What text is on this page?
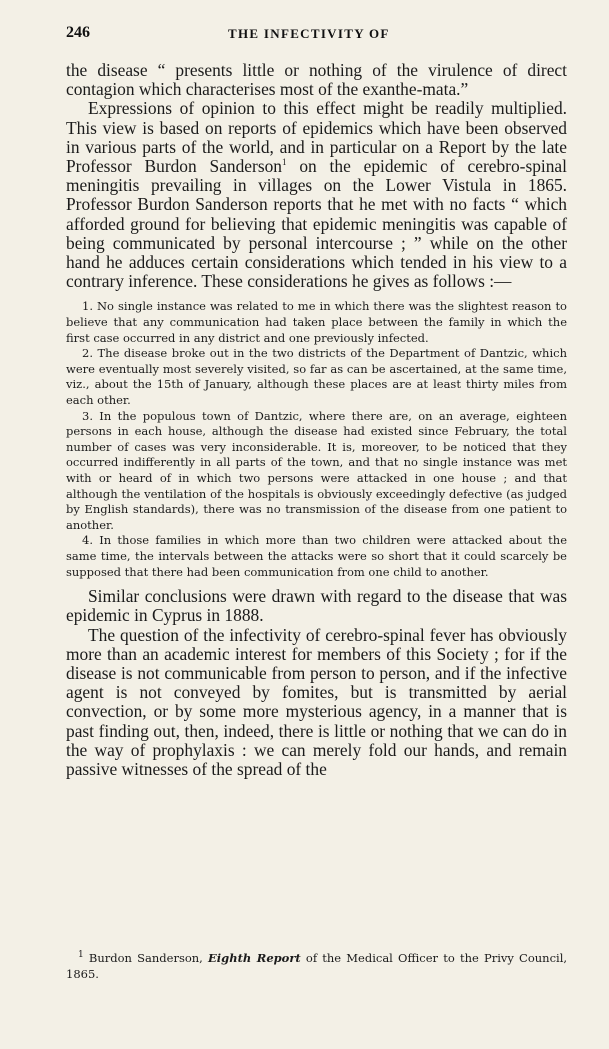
246	THE INFECTIVITY OF

the disease “ presents little or nothing of the virulence of direct contagion which characterises most of the exanthe-mata.”

Expressions of opinion to this effect might be readily multiplied. This view is based on reports of epidemics which have been observed in various parts of the world, and in particular on a Report by the late Professor Burdon Sanderson$^1$ on the epidemic of cerebro-spinal meningitis prevailing in villages on the Lower Vistula in 1865. Professor Burdon Sanderson reports that he met with no facts “ which afforded ground for believing that epidemic meningitis was capable of being communicated by personal intercourse ; ” while on the other hand he adduces certain considerations which tended in his view to a contrary inference. These considerations he gives as follows :—

1. No single instance was related to me in which there was the slightest reason to believe that any communication had taken place between the family in which the first case occurred in any district and one previously infected.

2. The disease broke out in the two districts of the Department of Dantzic, which were eventually most severely visited, so far as can be ascertained, at the same time, viz., about the 15th of January, although these places are at least thirty miles from each other.

3. In the populous town of Dantzic, where there are, on an average, eighteen persons in each house, although the disease had existed since February, the total number of cases was very inconsiderable. It is, moreover, to be noticed that they occurred indifferently in all parts of the town, and that no single instance was met with or heard of in which two persons were attacked in one house ; and that although the ventilation of the hospitals is obviously exceedingly defective (as judged by English standards), there was no transmission of the disease from one patient to another.

4. In those families in which more than two children were attacked about the same time, the intervals between the attacks were so short that it could scarcely be supposed that there had been communication from one child to another.

Similar conclusions were drawn with regard to the disease that was epidemic in Cyprus in 1888.

The question of the infectivity of cerebro-spinal fever has obviously more than an academic interest for members of this Society ; for if the disease is not communicable from person to person, and if the infective agent is not conveyed by fomites, but is transmitted by aerial convection, or by some more mysterious agency, in a manner that is past finding out, then, indeed, there is little or nothing that we can do in the way of prophylaxis : we can merely fold our hands, and remain passive witnesses of the spread of the

$^1$ Burdon Sanderson, Eighth Report of the Medical Officer to the Privy Council, 1865.
